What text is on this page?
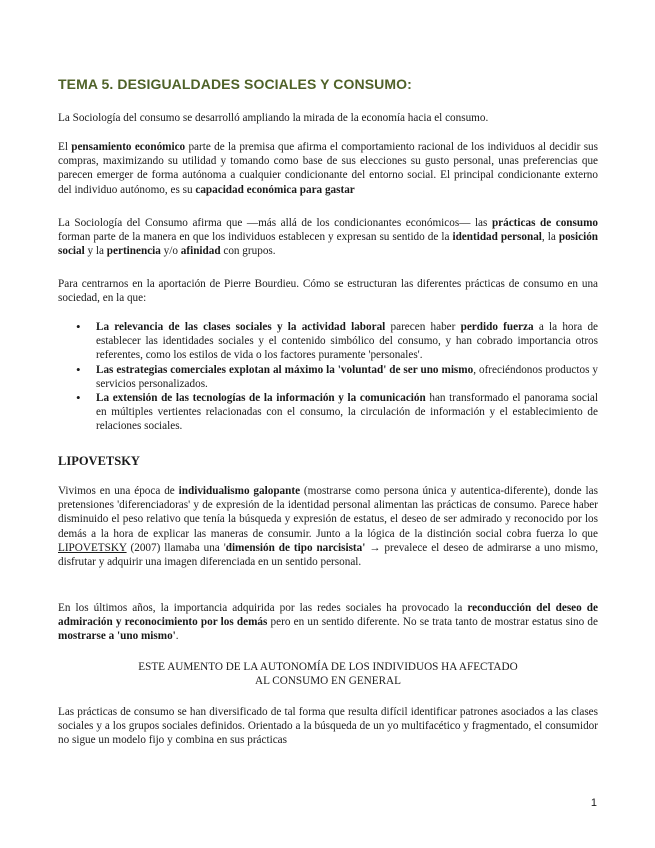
TEMA 5. DESIGUALDADES SOCIALES Y CONSUMO:

La Sociología del consumo se desarrolló ampliando la mirada de la economía hacia el consumo.

El pensamiento económico parte de la premisa que afirma el comportamiento racional de los individuos al decidir sus compras, maximizando su utilidad y tomando como base de sus elecciones su gusto personal, unas preferencias que parecen emerger de forma autónoma a cualquier condicionante del entorno social. El principal condicionante externo del individuo autónomo, es su capacidad económica para gastar

La Sociología del Consumo afirma que —más allá de los condicionantes económicos— las prácticas de consumo forman parte de la manera en que los individuos establecen y expresan su sentido de la identidad personal, la posición social y la pertinencia y/o afinidad con grupos.

Para centrarnos en la aportación de Pierre Bourdieu. Cómo se estructuran las diferentes prácticas de consumo en una sociedad, en la que:

• La relevancia de las clases sociales y la actividad laboral parecen haber perdido fuerza a la hora de establecer las identidades sociales y el contenido simbólico del consumo, y han cobrado importancia otros referentes, como los estilos de vida o los factores puramente 'personales'.
• Las estrategias comerciales explotan al máximo la 'voluntad' de ser uno mismo, ofreciéndonos productos y servicios personalizados.
• La extensión de las tecnologías de la información y la comunicación han transformado el panorama social en múltiples vertientes relacionadas con el consumo, la circulación de información y el establecimiento de relaciones sociales.
LIPOVETSKY

Vivimos en una época de individualismo galopante (mostrarse como persona única y autentica-diferente), donde las pretensiones 'diferenciadoras' y de expresión de la identidad personal alimentan las prácticas de consumo. Parece haber disminuido el peso relativo que tenía la búsqueda y expresión de estatus, el deseo de ser admirado y reconocido por los demás a la hora de explicar las maneras de consumir. Junto a la lógica de la distinción social cobra fuerza lo que LIPOVETSKY (2007) llamaba una 'dimensión de tipo narcisista' → prevalece el deseo de admirarse a uno mismo, disfrutar y adquirir una imagen diferenciada en un sentido personal.

En los últimos años, la importancia adquirida por las redes sociales ha provocado la reconducción del deseo de admiración y reconocimiento por los demás pero en un sentido diferente. No se trata tanto de mostrar estatus sino de mostrarse a 'uno mismo'.

ESTE AUMENTO DE LA AUTONOMÍA DE LOS INDIVIDUOS HA AFECTADO
AL CONSUMO EN GENERAL

Las prácticas de consumo se han diversificado de tal forma que resulta difícil identificar patrones asociados a las clases sociales y a los grupos sociales definidos. Orientado a la búsqueda de un yo multifacético y fragmentado, el consumidor no sigue un modelo fijo y combina en sus prácticas

1
